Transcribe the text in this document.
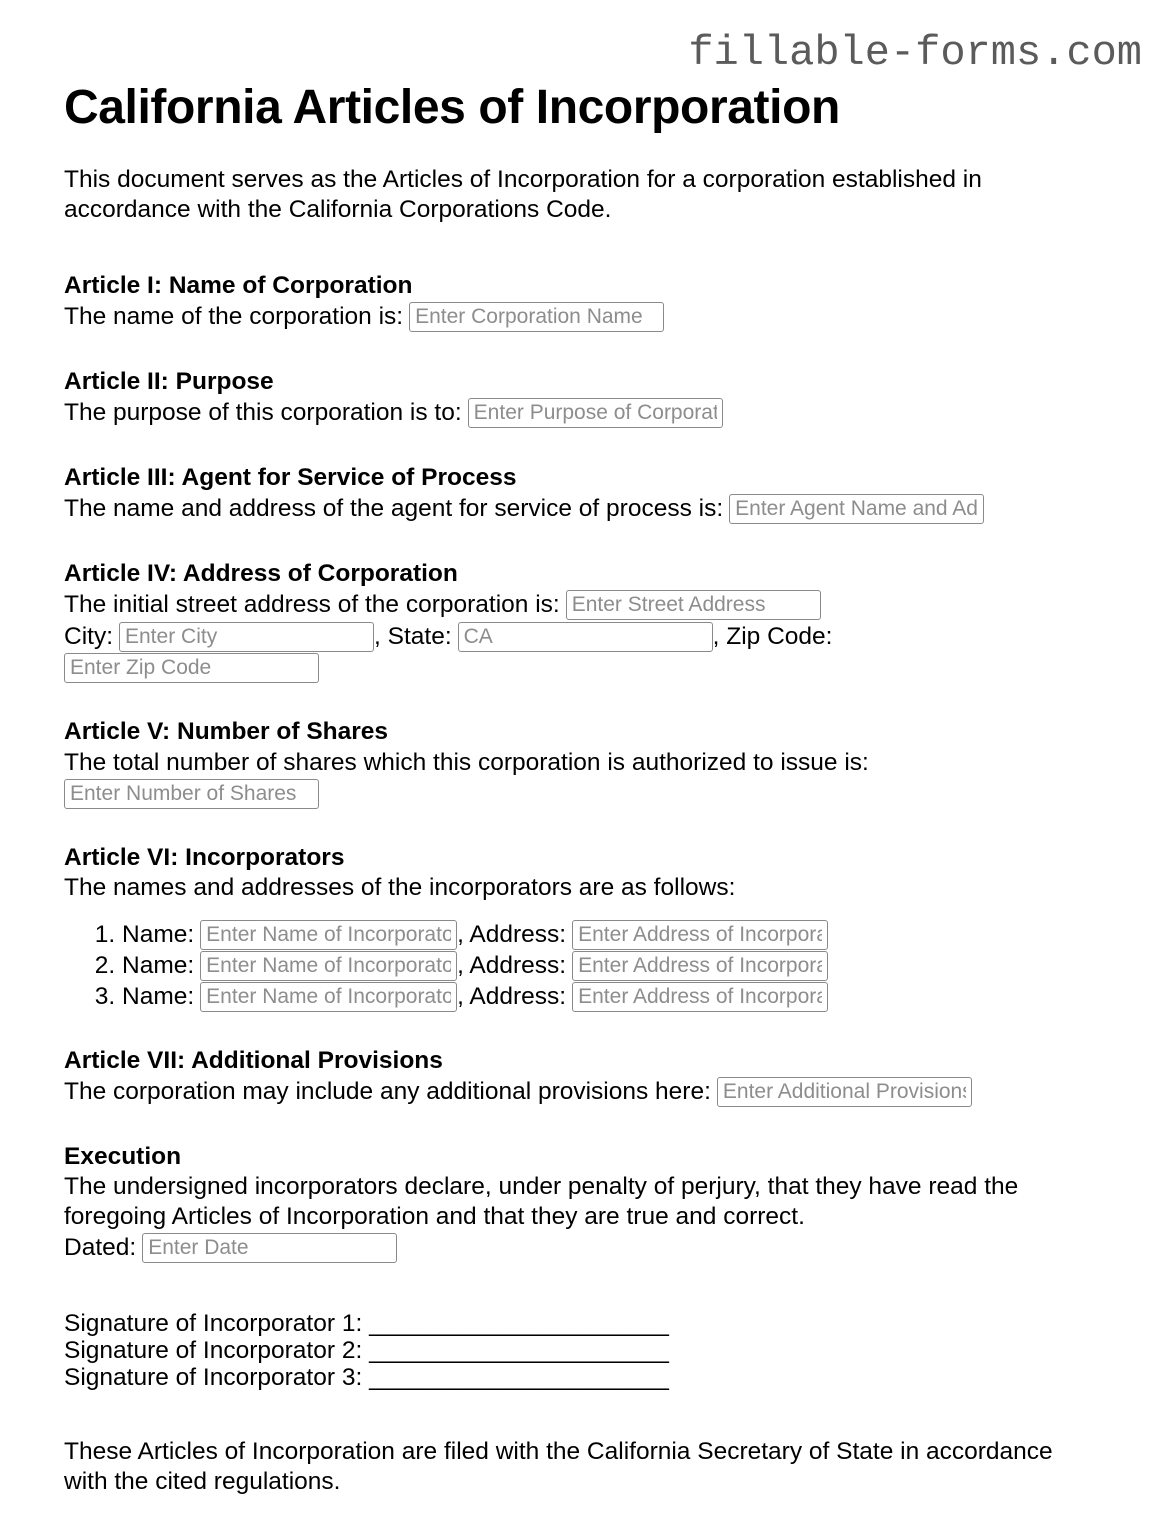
fillable-forms.com
California Articles of Incorporation

This document serves as the Articles of Incorporation for a corporation established in accordance with the California Corporations Code.

Article I: Name of Corporation
The name of the corporation is:
Enter Corporation Name
Article II: Purpose
The purpose of this corporation is to:
Enter Purpose of Corporation
Article III: Agent for Service of Process
The name and address of the agent for service of process is:
Enter Agent Name and Address
Article IV: Address of Corporation
The initial street address of the corporation is:
Enter Street Address
City:
Enter City	, State:
CA	, Zip Code:
Enter Zip Code
Article V: Number of Shares
The total number of shares which this corporation is authorized to issue is:
Enter Number of Shares
Article VI: Incorporators

The names and addresses of the incorporators are as follows:

1. Name:
Enter Name of Incorporator	, Address:
Enter Address of Incorporator
2. Name:
Enter Name of Incorporator	, Address:
Enter Address of Incorporator
3. Name:
Enter Name of Incorporator	, Address:
Enter Address of Incorporator
Article VII: Additional Provisions
The corporation may include any additional provisions here:
Enter Additional Provisions
Execution

The undersigned incorporators declare, under penalty of perjury, that they have read the foregoing Articles of Incorporation and that they are true and correct.

Dated:
Enter Date
Signature of Incorporator 1: ______________________
Signature of Incorporator 2: ______________________
Signature of Incorporator 3: ______________________

These Articles of Incorporation are filed with the California Secretary of State in accordance with the cited regulations.
